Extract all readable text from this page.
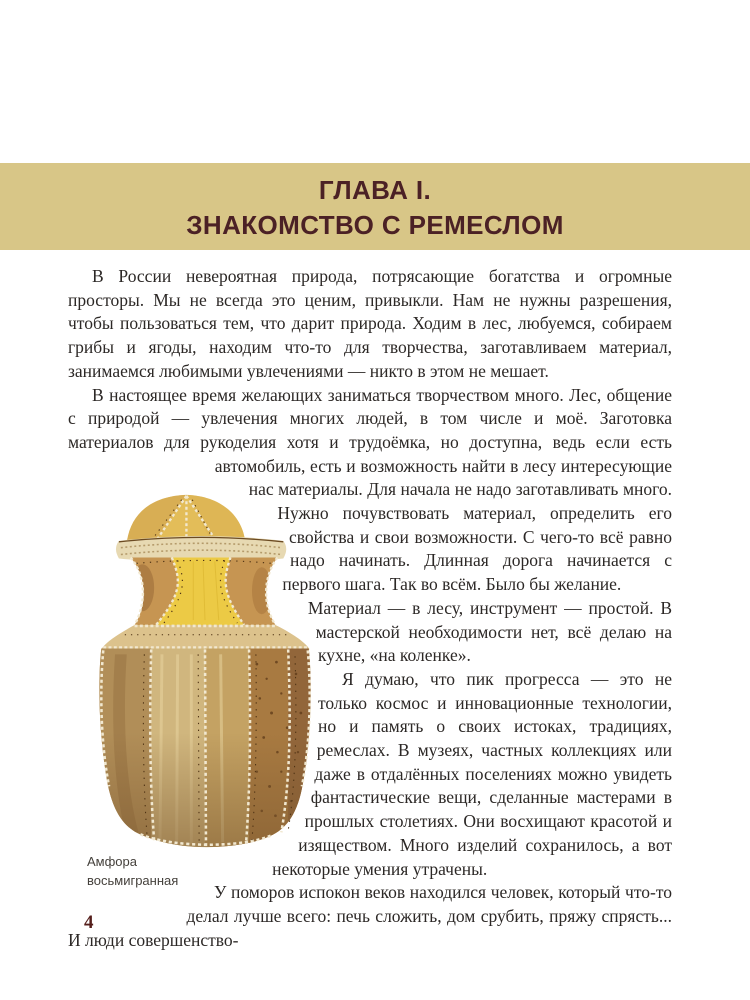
ГЛАВА I.
ЗНАКОМСТВО С РЕМЕСЛОМ
Амфора восьмигранная

В России невероятная природа, потрясающие богатства и огромные просторы. Мы не всегда это ценим, привыкли. Нам не нужны разрешения, чтобы пользоваться тем, что дарит природа. Ходим в лес, любуемся, собираем грибы и ягоды, находим что-то для творчества, заготавливаем материал, занимаемся любимыми увлечениями — никто в этом не мешает.

В настоящее время желающих заниматься творчеством много. Лес, общение с природой — увлечения многих людей, в том числе и моё. Заготовка материалов для рукоделия хотя и трудоёмка, но доступна, ведь если есть автомобиль, есть и возможность найти в лесу интересующие нас материалы. Для начала не надо заготавливать много. Нужно почувствовать материал, определить его свойства и свои возможности. С чего-то всё равно надо начинать. Длинная дорога начинается с первого шага. Так во всём. Было бы желание.

Материал — в лесу, инструмент — простой. В мастерской необходимости нет, всё делаю на кухне, «на коленке».

Я думаю, что пик прогресса — это не только космос и инновационные технологии, но и память о своих истоках, традициях, ремеслах. В музеях, частных коллекциях или даже в отдалённых поселениях можно увидеть фантастические вещи, сделанные мастерами в прошлых столетиях. Они восхищают красотой и изяществом. Много изделий сохранилось, а вот некоторые умения утрачены.

У поморов испокон веков находился человек, который что-то делал лучше всего: печь сложить, дом срубить, пряжу спрясть... И люди совершенство-

4
